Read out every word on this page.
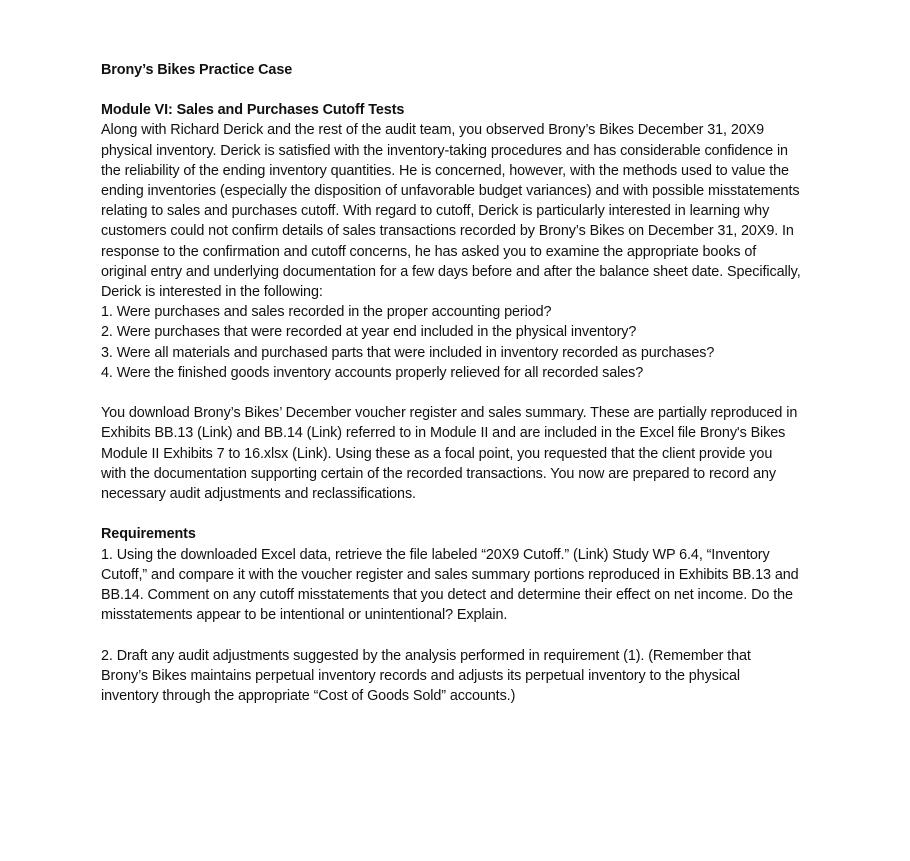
Brony’s Bikes Practice Case

Module VI: Sales and Purchases Cutoff Tests

Along with Richard Derick and the rest of the audit team, you observed Brony’s Bikes December 31, 20X9 physical inventory. Derick is satisfied with the inventory-taking procedures and has considerable confidence in the reliability of the ending inventory quantities. He is concerned, however, with the methods used to value the ending inventories (especially the disposition of unfavorable budget variances) and with possible misstatements relating to sales and purchases cutoff. With regard to cutoff, Derick is particularly interested in learning why customers could not confirm details of sales transactions recorded by Brony’s Bikes on December 31, 20X9. In response to the confirmation and cutoff concerns, he has asked you to examine the appropriate books of original entry and underlying documentation for a few days before and after the balance sheet date. Specifically, Derick is interested in the following:

1. Were purchases and sales recorded in the proper accounting period?
2. Were purchases that were recorded at year end included in the physical inventory?
3. Were all materials and purchased parts that were included in inventory recorded as purchases?
4. Were the finished goods inventory accounts properly relieved for all recorded sales?

You download Brony’s Bikes’ December voucher register and sales summary. These are partially reproduced in Exhibits BB.13 (Link) and BB.14 (Link) referred to in Module II and are included in the Excel file Brony's Bikes Module II Exhibits 7 to 16.xlsx (Link). Using these as a focal point, you requested that the client provide you with the documentation supporting certain of the recorded transactions. You now are prepared to record any necessary audit adjustments and reclassifications.

Requirements

1. Using the downloaded Excel data, retrieve the file labeled “20X9 Cutoff.” (Link) Study WP 6.4, “Inventory Cutoff,” and compare it with the voucher register and sales summary portions reproduced in Exhibits BB.13 and BB.14. Comment on any cutoff misstatements that you detect and determine their effect on net income. Do the misstatements appear to be intentional or unintentional? Explain.

2. Draft any audit adjustments suggested by the analysis performed in requirement (1). (Remember that Brony’s Bikes maintains perpetual inventory records and adjusts its perpetual inventory to the physical inventory through the appropriate “Cost of Goods Sold” accounts.)
